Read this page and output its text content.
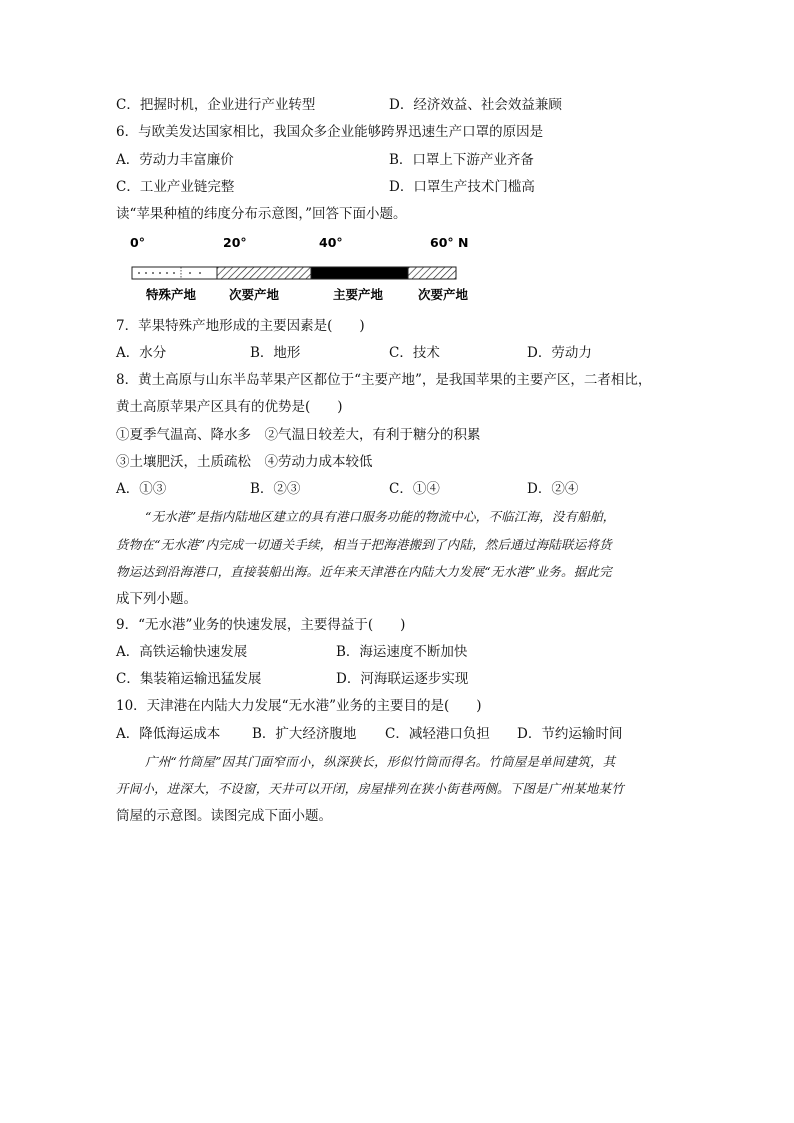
C．把握时机，企业进行产业转型	D．经济效益、社会效益兼顾
6．与欧美发达国家相比，我国众多企业能够跨界迅速生产口罩的原因是
A．劳动力丰富廉价	B．口罩上下游产业齐备
C．工业产业链完整	D．口罩生产技术门槛高
读“苹果种植的纬度分布示意图，”回答下面小题。
0°	20°	40°	60° N
特殊产地	次要产地	主要产地	次要产地
7．苹果特殊产地形成的主要因素是(　　)
A．水分	B．地形	C．技术	D．劳动力
8．黄土高原与山东半岛苹果产区都位于“主要产地”，是我国苹果的主要产区，二者相比，
黄土高原苹果产区具有的优势是(　　)
①夏季气温高、降水多　②气温日较差大，有利于糖分的积累
③土壤肥沃，土质疏松　④劳动力成本较低
A．①③	B．②③	C．①④	D．②④
“无水港”是指内陆地区建立的具有港口服务功能的物流中心，不临江海，没有船舶，
货物在“无水港”内完成一切通关手续，相当于把海港搬到了内陆，然后通过海陆联运将货
物运达到沿海港口，直接装船出海。近年来天津港在内陆大力发展“无水港”业务。据此完
成下列小题。
9．“无水港”业务的快速发展，主要得益于(　　)
A．高铁运输快速发展	B．海运速度不断加快
C．集装箱运输迅猛发展	D．河海联运逐步实现
10．天津港在内陆大力发展“无水港”业务的主要目的是(　　)
A．降低海运成本 B．扩大经济腹地 C．减轻港口负担 D．节约运输时间
广州“竹筒屋”因其门面窄而小，纵深狭长，形似竹筒而得名。竹筒屋是单间建筑，其
开间小，进深大，不设窗，天井可以开闭，房屋排列在狭小街巷两侧。下图是广州某地某竹
筒屋的示意图。读图完成下面小题。
